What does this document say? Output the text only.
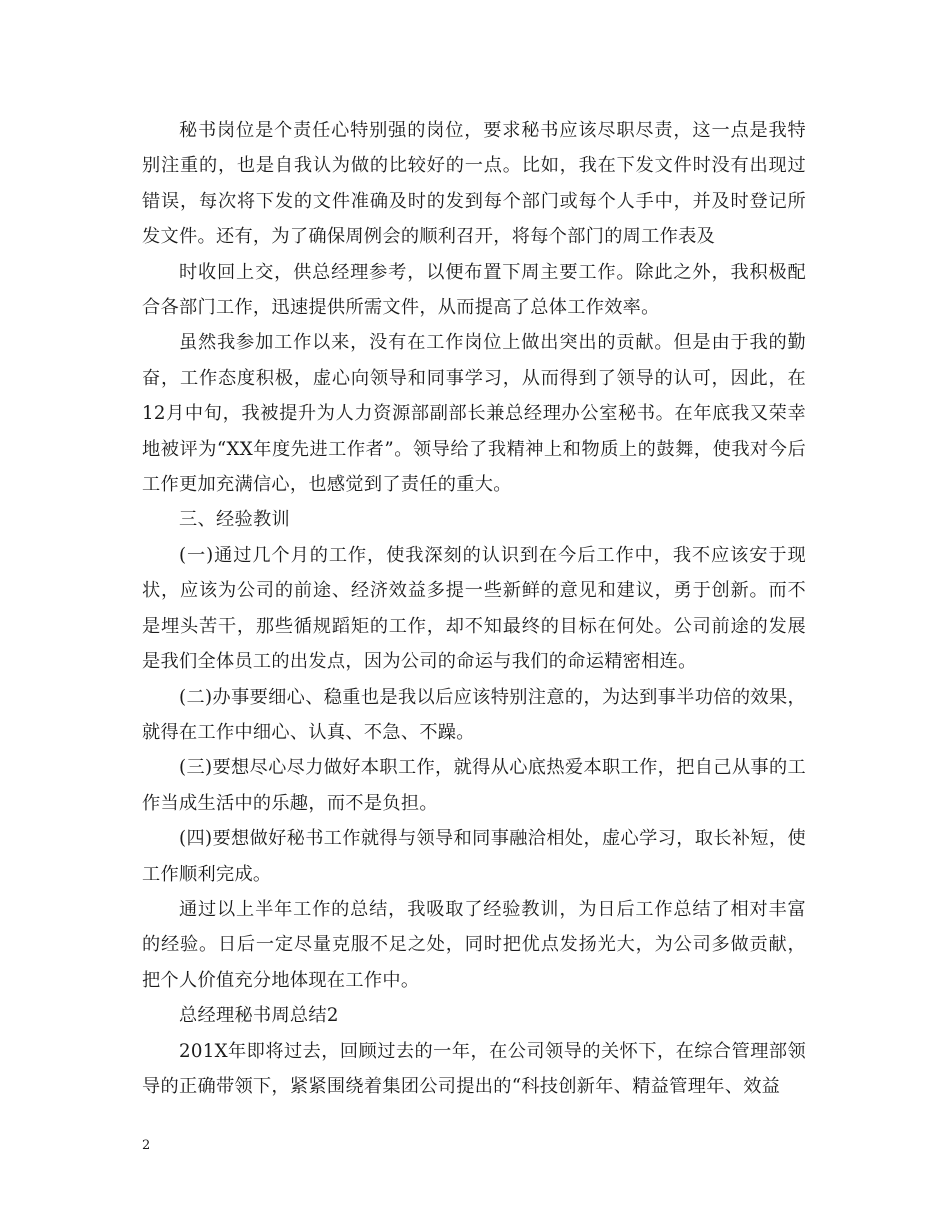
秘书岗位是个责任心特别强的岗位，要求秘书应该尽职尽责，这一点是我特别注重的，也是自我认为做的比较好的一点。比如，我在下发文件时没有出现过错误，每次将下发的文件准确及时的发到每个部门或每个人手中，并及时登记所发文件。还有，为了确保周例会的顺利召开，将每个部门的周工作表及

时收回上交，供总经理参考，以便布置下周主要工作。除此之外，我积极配合各部门工作，迅速提供所需文件，从而提高了总体工作效率。

虽然我参加工作以来，没有在工作岗位上做出突出的贡献。但是由于我的勤奋，工作态度积极，虚心向领导和同事学习，从而得到了领导的认可，因此，在12月中旬，我被提升为人力资源部副部长兼总经理办公室秘书。在年底我又荣幸地被评为“XX年度先进工作者”。领导给了我精神上和物质上的鼓舞，使我对今后工作更加充满信心，也感觉到了责任的重大。

三、经验教训

(一)通过几个月的工作，使我深刻的认识到在今后工作中，我不应该安于现状，应该为公司的前途、经济效益多提一些新鲜的意见和建议，勇于创新。而不是埋头苦干，那些循规蹈矩的工作，却不知最终的目标在何处。公司前途的发展是我们全体员工的出发点，因为公司的命运与我们的命运精密相连。

(二)办事要细心、稳重也是我以后应该特别注意的，为达到事半功倍的效果，就得在工作中细心、认真、不急、不躁。

(三)要想尽心尽力做好本职工作，就得从心底热爱本职工作，把自己从事的工作当成生活中的乐趣，而不是负担。

(四)要想做好秘书工作就得与领导和同事融洽相处，虚心学习，取长补短，使工作顺利完成。

通过以上半年工作的总结，我吸取了经验教训，为日后工作总结了相对丰富的经验。日后一定尽量克服不足之处，同时把优点发扬光大，为公司多做贡献，把个人价值充分地体现在工作中。

总经理秘书周总结2

201X年即将过去，回顾过去的一年，在公司领导的关怀下，在综合管理部领导的正确带领下，紧紧围绕着集团公司提出的“科技创新年、精益管理年、效益

2
